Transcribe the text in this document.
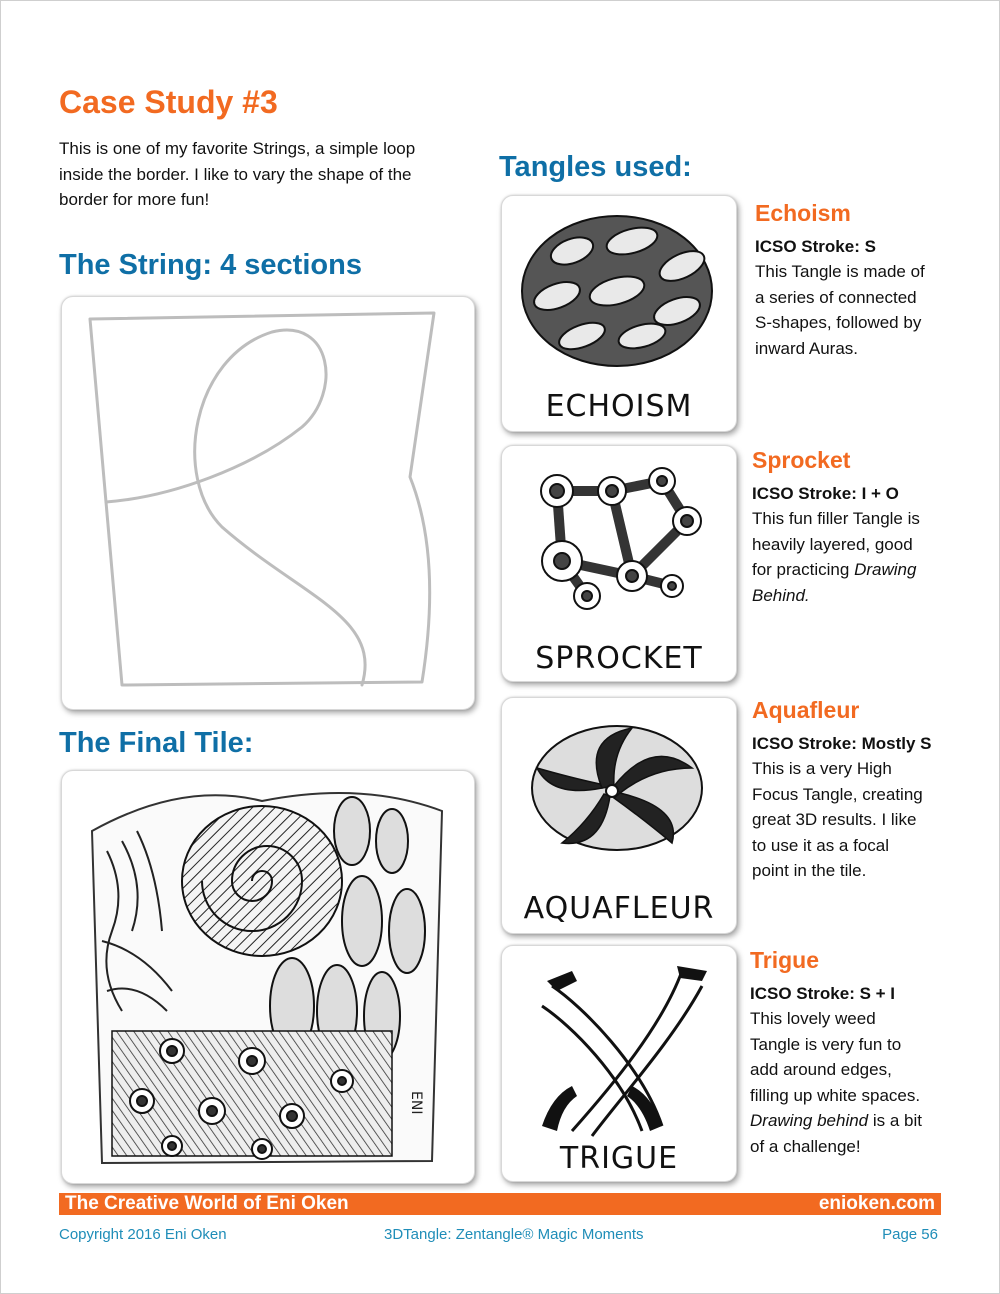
Case Study #3
This is one of my favorite Strings, a simple loop
inside the border. I like to vary the shape of the
border for more fun!
The String: 4 sections
The Final Tile:
ENI
Tangles used:
ECHOISM
Echoism
ICSO Stroke: S
This Tangle is made of
a series of connected
S-shapes, followed by
inward Auras.
SPROCKET
Sprocket
ICSO Stroke: I + O
This fun filler Tangle is
heavily layered, good
for practicing Drawing
Behind.
AQUAFLEUR
Aquafleur
ICSO Stroke: Mostly S
This is a very High
Focus Tangle, creating
great 3D results. I like
to use it as a focal
point in the tile.
TRIGUE
Trigue
ICSO Stroke: S + I
This lovely weed
Tangle is very fun to
add around edges,
filling up white spaces.
Drawing behind is a bit
of a challenge!
The Creative World of Eni Oken	enioken.com
Copyright 2016 Eni Oken	3DTangle: Zentangle® Magic Moments	Page 56
